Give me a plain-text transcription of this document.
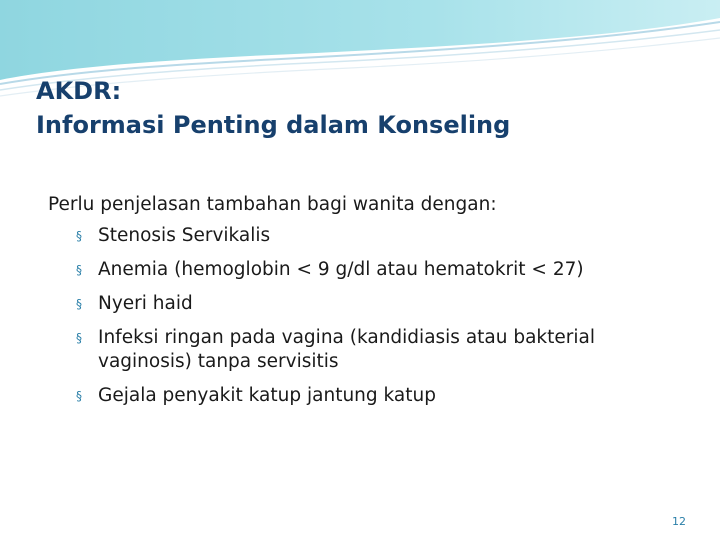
AKDR:
Informasi Penting dalam Konseling
Perlu penjelasan tambahan bagi wanita dengan:
§ Stenosis Servikalis
§ Anemia (hemoglobin < 9 g/dl atau hematokrit < 27)
§ Nyeri haid
§ Infeksi ringan pada vagina (kandidiasis atau bakterial vaginosis) tanpa servisitis
§ Gejala penyakit katup jantung katup
12
